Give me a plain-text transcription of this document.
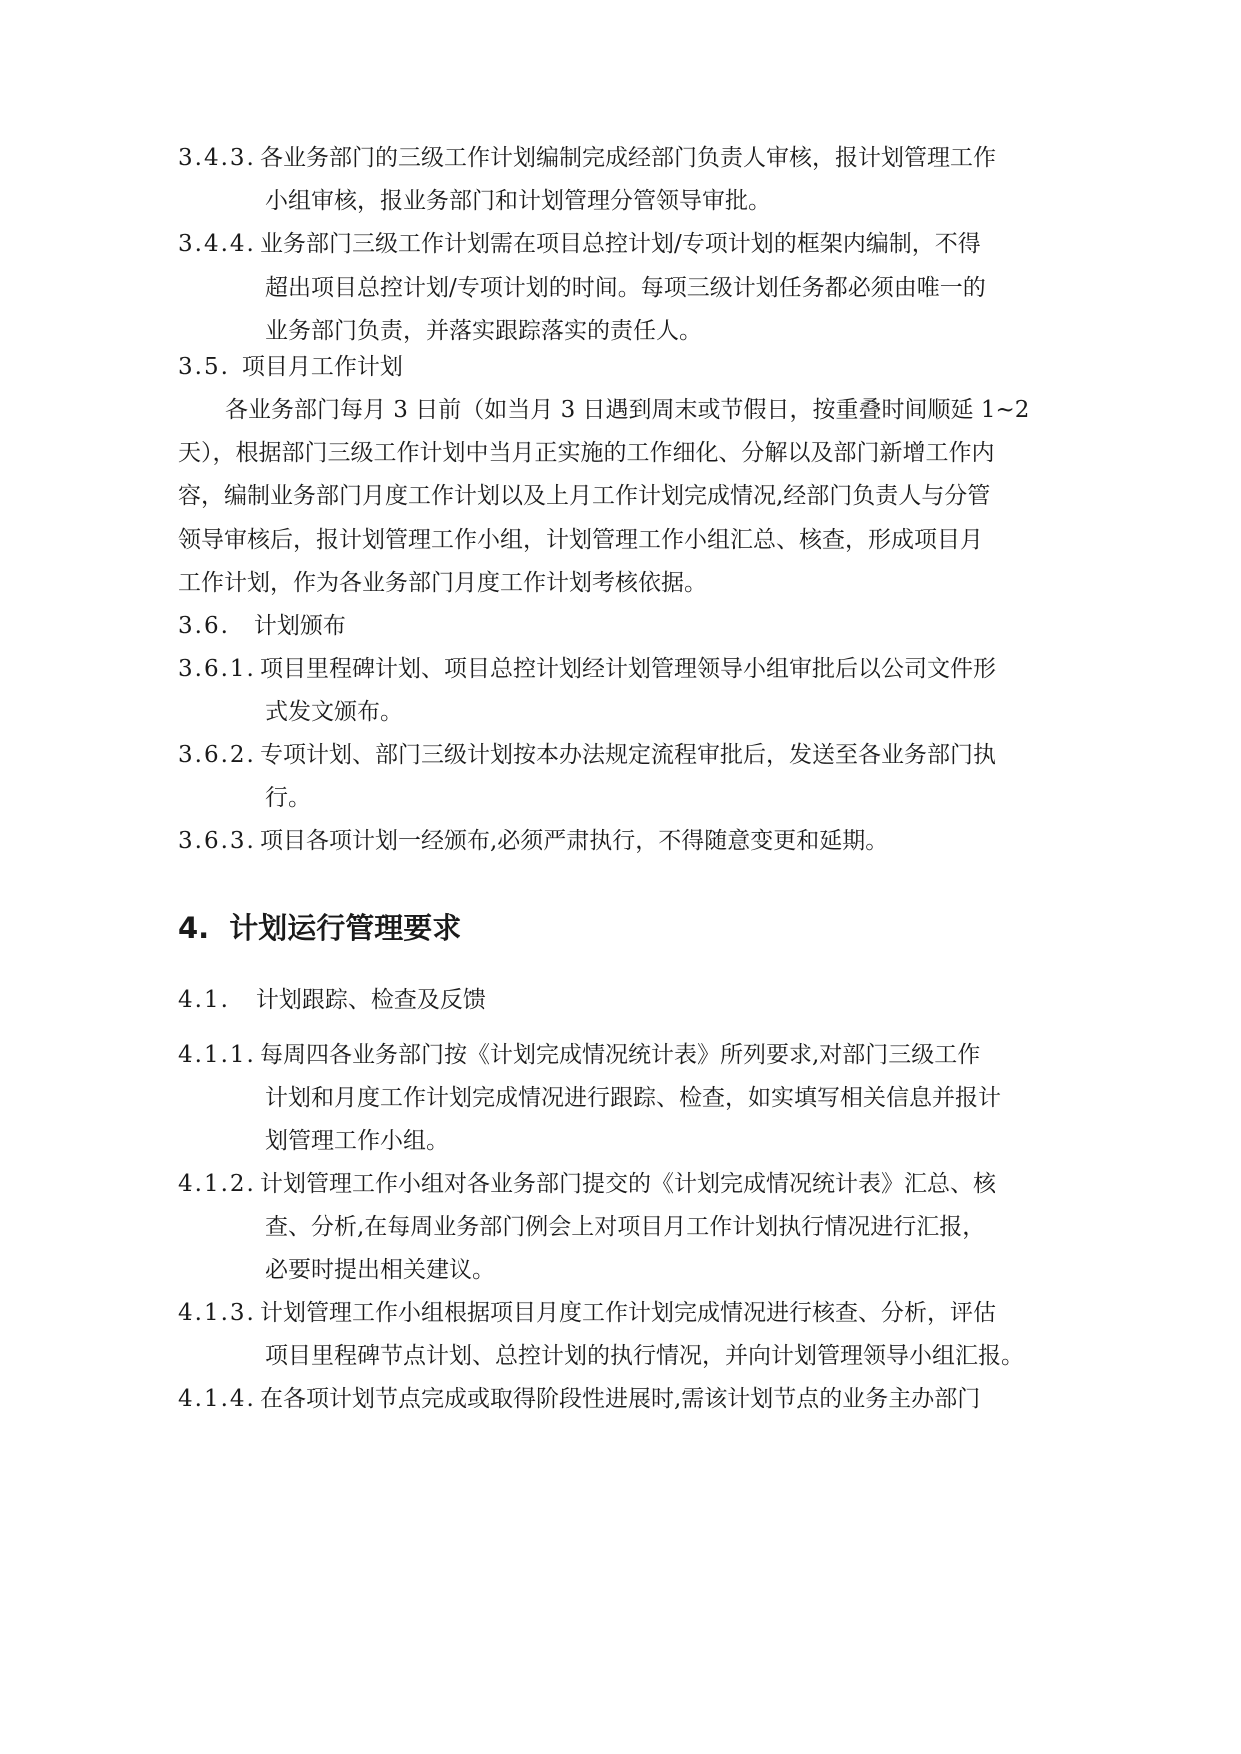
3.4.3. 各业务部门的三级工作计划编制完成经部门负责人审核，报计划管理工作
小组审核，报业务部门和计划管理分管领导审批。
3.4.4. 业务部门三级工作计划需在项目总控计划/专项计划的框架内编制，不得
超出项目总控计划/专项计划的时间。每项三级计划任务都必须由唯一的
业务部门负责，并落实跟踪落实的责任人。
3.5. 项目月工作计划
各业务部门每月 3 日前（如当月 3 日遇到周末或节假日，按重叠时间顺延 1~2
天），根据部门三级工作计划中当月正实施的工作细化、分解以及部门新增工作内
容，编制业务部门月度工作计划以及上月工作计划完成情况,经部门负责人与分管
领导审核后，报计划管理工作小组，计划管理工作小组汇总、核查，形成项目月
工作计划，作为各业务部门月度工作计划考核依据。
3.6. 计划颁布
3.6.1. 项目里程碑计划、项目总控计划经计划管理领导小组审批后以公司文件形
式发文颁布。
3.6.2. 专项计划、部门三级计划按本办法规定流程审批后，发送至各业务部门执
行。
3.6.3. 项目各项计划一经颁布,必须严肃执行，不得随意变更和延期。
4. 计划运行管理要求
4.1. 计划跟踪、检查及反馈
4.1.1. 每周四各业务部门按《计划完成情况统计表》所列要求,对部门三级工作
计划和月度工作计划完成情况进行跟踪、检查，如实填写相关信息并报计
划管理工作小组。
4.1.2. 计划管理工作小组对各业务部门提交的《计划完成情况统计表》汇总、核
查、分析,在每周业务部门例会上对项目月工作计划执行情况进行汇报，
必要时提出相关建议。
4.1.3. 计划管理工作小组根据项目月度工作计划完成情况进行核查、分析，评估
项目里程碑节点计划、总控计划的执行情况，并向计划管理领导小组汇报。
4.1.4. 在各项计划节点完成或取得阶段性进展时,需该计划节点的业务主办部门
